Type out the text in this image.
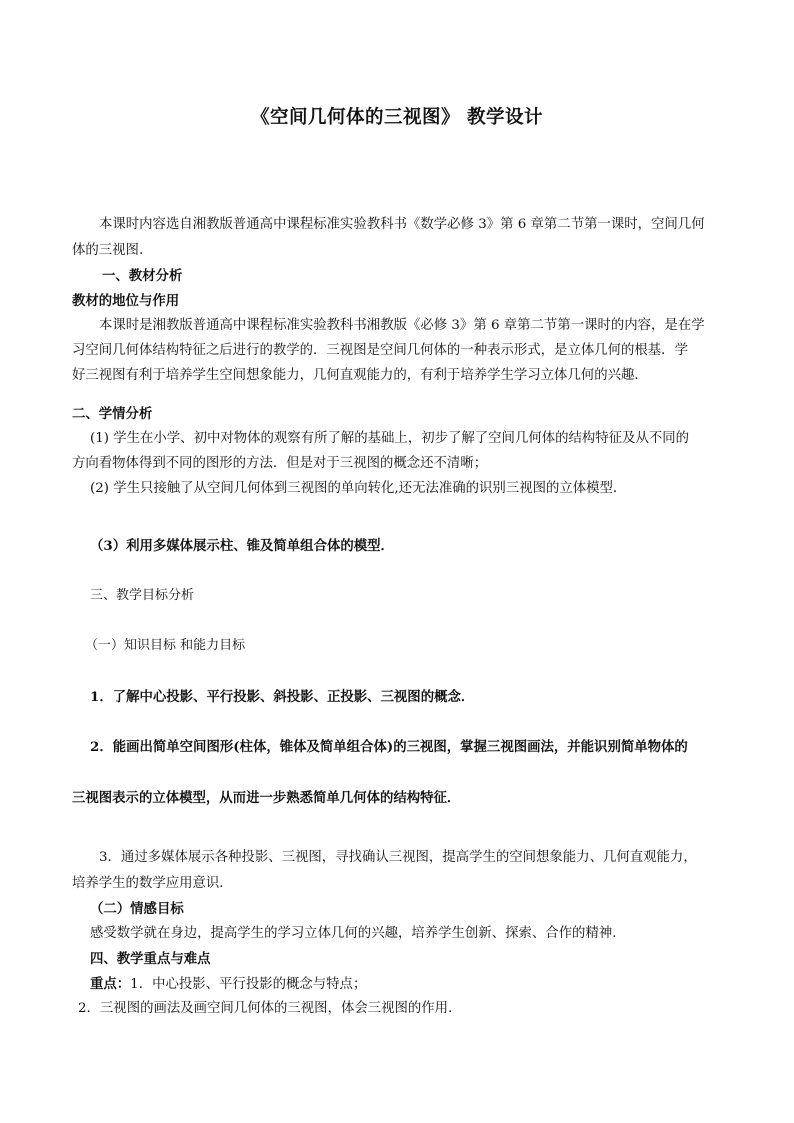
《空间几何体的三视图》 教学设计
本课时内容选自湘教版普通高中课程标准实验教科书《数学必修 3》第 6 章第二节第一课时，空间几何
体的三视图.
一、教材分析
教材的地位与作用
本课时是湘教版普通高中课程标准实验教科书湘教版《必修 3》第 6 章第二节第一课时的内容，是在学
习空间几何体结构特征之后进行的教学的．三视图是空间几何体的一种表示形式，是立体几何的根基．学
好三视图有利于培养学生空间想象能力，几何直观能力的，有利于培养学生学习立体几何的兴趣．
二、学情分析
(1) 学生在小学、初中对物体的观察有所了解的基础上，初步了解了空间几何体的结构特征及从不同的
方向看物体得到不同的图形的方法．但是对于三视图的概念还不清晰；
(2) 学生只接触了从空间几何体到三视图的单向转化,还无法准确的识别三视图的立体模型．
（3）利用多媒体展示柱、锥及简单组合体的模型．
三、教学目标分析
（一）知识目标 和能力目标
1．了解中心投影、平行投影、斜投影、正投影、三视图的概念．
2．能画出简单空间图形(柱体，锥体及简单组合体)的三视图，掌握三视图画法，并能识别简单物体的
三视图表示的立体模型，从而进一步熟悉简单几何体的结构特征．
3．通过多媒体展示各种投影、三视图，寻找确认三视图，提高学生的空间想象能力、几何直观能力，
培养学生的数学应用意识．
（二）情感目标
感受数学就在身边，提高学生的学习立体几何的兴趣，培养学生创新、探索、合作的精神．
四、教学重点与难点
重点：1．中心投影、平行投影的概念与特点；
2．三视图的画法及画空间几何体的三视图，体会三视图的作用．
